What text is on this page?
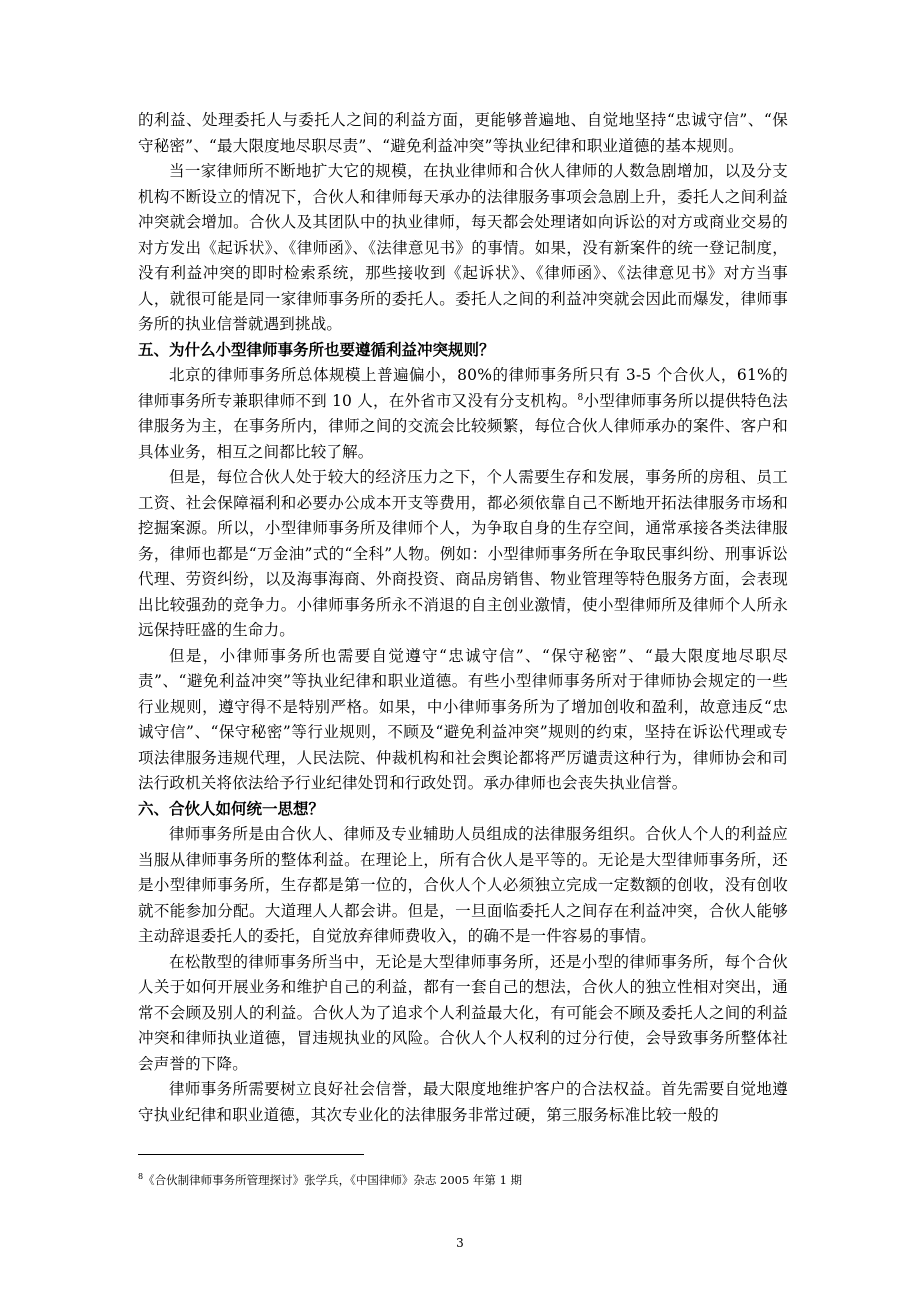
的利益、处理委托人与委托人之间的利益方面，更能够普遍地、自觉地坚持“忠诚守信”、“保守秘密”、“最大限度地尽职尽责”、“避免利益冲突”等执业纪律和职业道德的基本规则。

当一家律师所不断地扩大它的规模，在执业律师和合伙人律师的人数急剧增加，以及分支机构不断设立的情况下，合伙人和律师每天承办的法律服务事项会急剧上升，委托人之间利益冲突就会增加。合伙人及其团队中的执业律师，每天都会处理诸如向诉讼的对方或商业交易的对方发出《起诉状》、《律师函》、《法律意见书》的事情。如果，没有新案件的统一登记制度，没有利益冲突的即时检索系统，那些接收到《起诉状》、《律师函》、《法律意见书》对方当事人，就很可能是同一家律师事务所的委托人。委托人之间的利益冲突就会因此而爆发，律师事务所的执业信誉就遇到挑战。

五、为什么小型律师事务所也要遵循利益冲突规则？

北京的律师事务所总体规模上普遍偏小，80%的律师事务所只有 3-5 个合伙人，61%的律师事务所专兼职律师不到 10 人，在外省市又没有分支机构。$^8$小型律师事务所以提供特色法律服务为主，在事务所内，律师之间的交流会比较频繁，每位合伙人律师承办的案件、客户和具体业务，相互之间都比较了解。

但是，每位合伙人处于较大的经济压力之下，个人需要生存和发展，事务所的房租、员工工资、社会保障福利和必要办公成本开支等费用，都必须依靠自己不断地开拓法律服务市场和挖掘案源。所以，小型律师事务所及律师个人，为争取自身的生存空间，通常承接各类法律服务，律师也都是“万金油”式的“全科”人物。例如：小型律师事务所在争取民事纠纷、刑事诉讼代理、劳资纠纷，以及海事海商、外商投资、商品房销售、物业管理等特色服务方面，会表现出比较强劲的竞争力。小律师事务所永不消退的自主创业激情，使小型律师所及律师个人所永远保持旺盛的生命力。

但是，小律师事务所也需要自觉遵守“忠诚守信”、“保守秘密”、“最大限度地尽职尽责”、“避免利益冲突”等执业纪律和职业道德。有些小型律师事务所对于律师协会规定的一些行业规则，遵守得不是特别严格。如果，中小律师事务所为了增加创收和盈利，故意违反“忠诚守信”、“保守秘密”等行业规则，不顾及“避免利益冲突”规则的约束，坚持在诉讼代理或专项法律服务违规代理，人民法院、仲裁机构和社会舆论都将严厉谴责这种行为，律师协会和司法行政机关将依法给予行业纪律处罚和行政处罚。承办律师也会丧失执业信誉。

六、合伙人如何统一思想？

律师事务所是由合伙人、律师及专业辅助人员组成的法律服务组织。合伙人个人的利益应当服从律师事务所的整体利益。在理论上，所有合伙人是平等的。无论是大型律师事务所，还是小型律师事务所，生存都是第一位的，合伙人个人必须独立完成一定数额的创收，没有创收就不能参加分配。大道理人人都会讲。但是，一旦面临委托人之间存在利益冲突，合伙人能够主动辞退委托人的委托，自觉放弃律师费收入，的确不是一件容易的事情。

在松散型的律师事务所当中，无论是大型律师事务所，还是小型的律师事务所，每个合伙人关于如何开展业务和维护自己的利益，都有一套自己的想法，合伙人的独立性相对突出，通常不会顾及别人的利益。合伙人为了追求个人利益最大化，有可能会不顾及委托人之间的利益冲突和律师执业道德，冒违规执业的风险。合伙人个人权利的过分行使，会导致事务所整体社会声誉的下降。

律师事务所需要树立良好社会信誉，最大限度地维护客户的合法权益。首先需要自觉地遵守执业纪律和职业道德，其次专业化的法律服务非常过硬，第三服务标准比较一般的

$^8$《合伙制律师事务所管理探讨》张学兵，《中国律师》杂志 2005 年第 1 期
3
